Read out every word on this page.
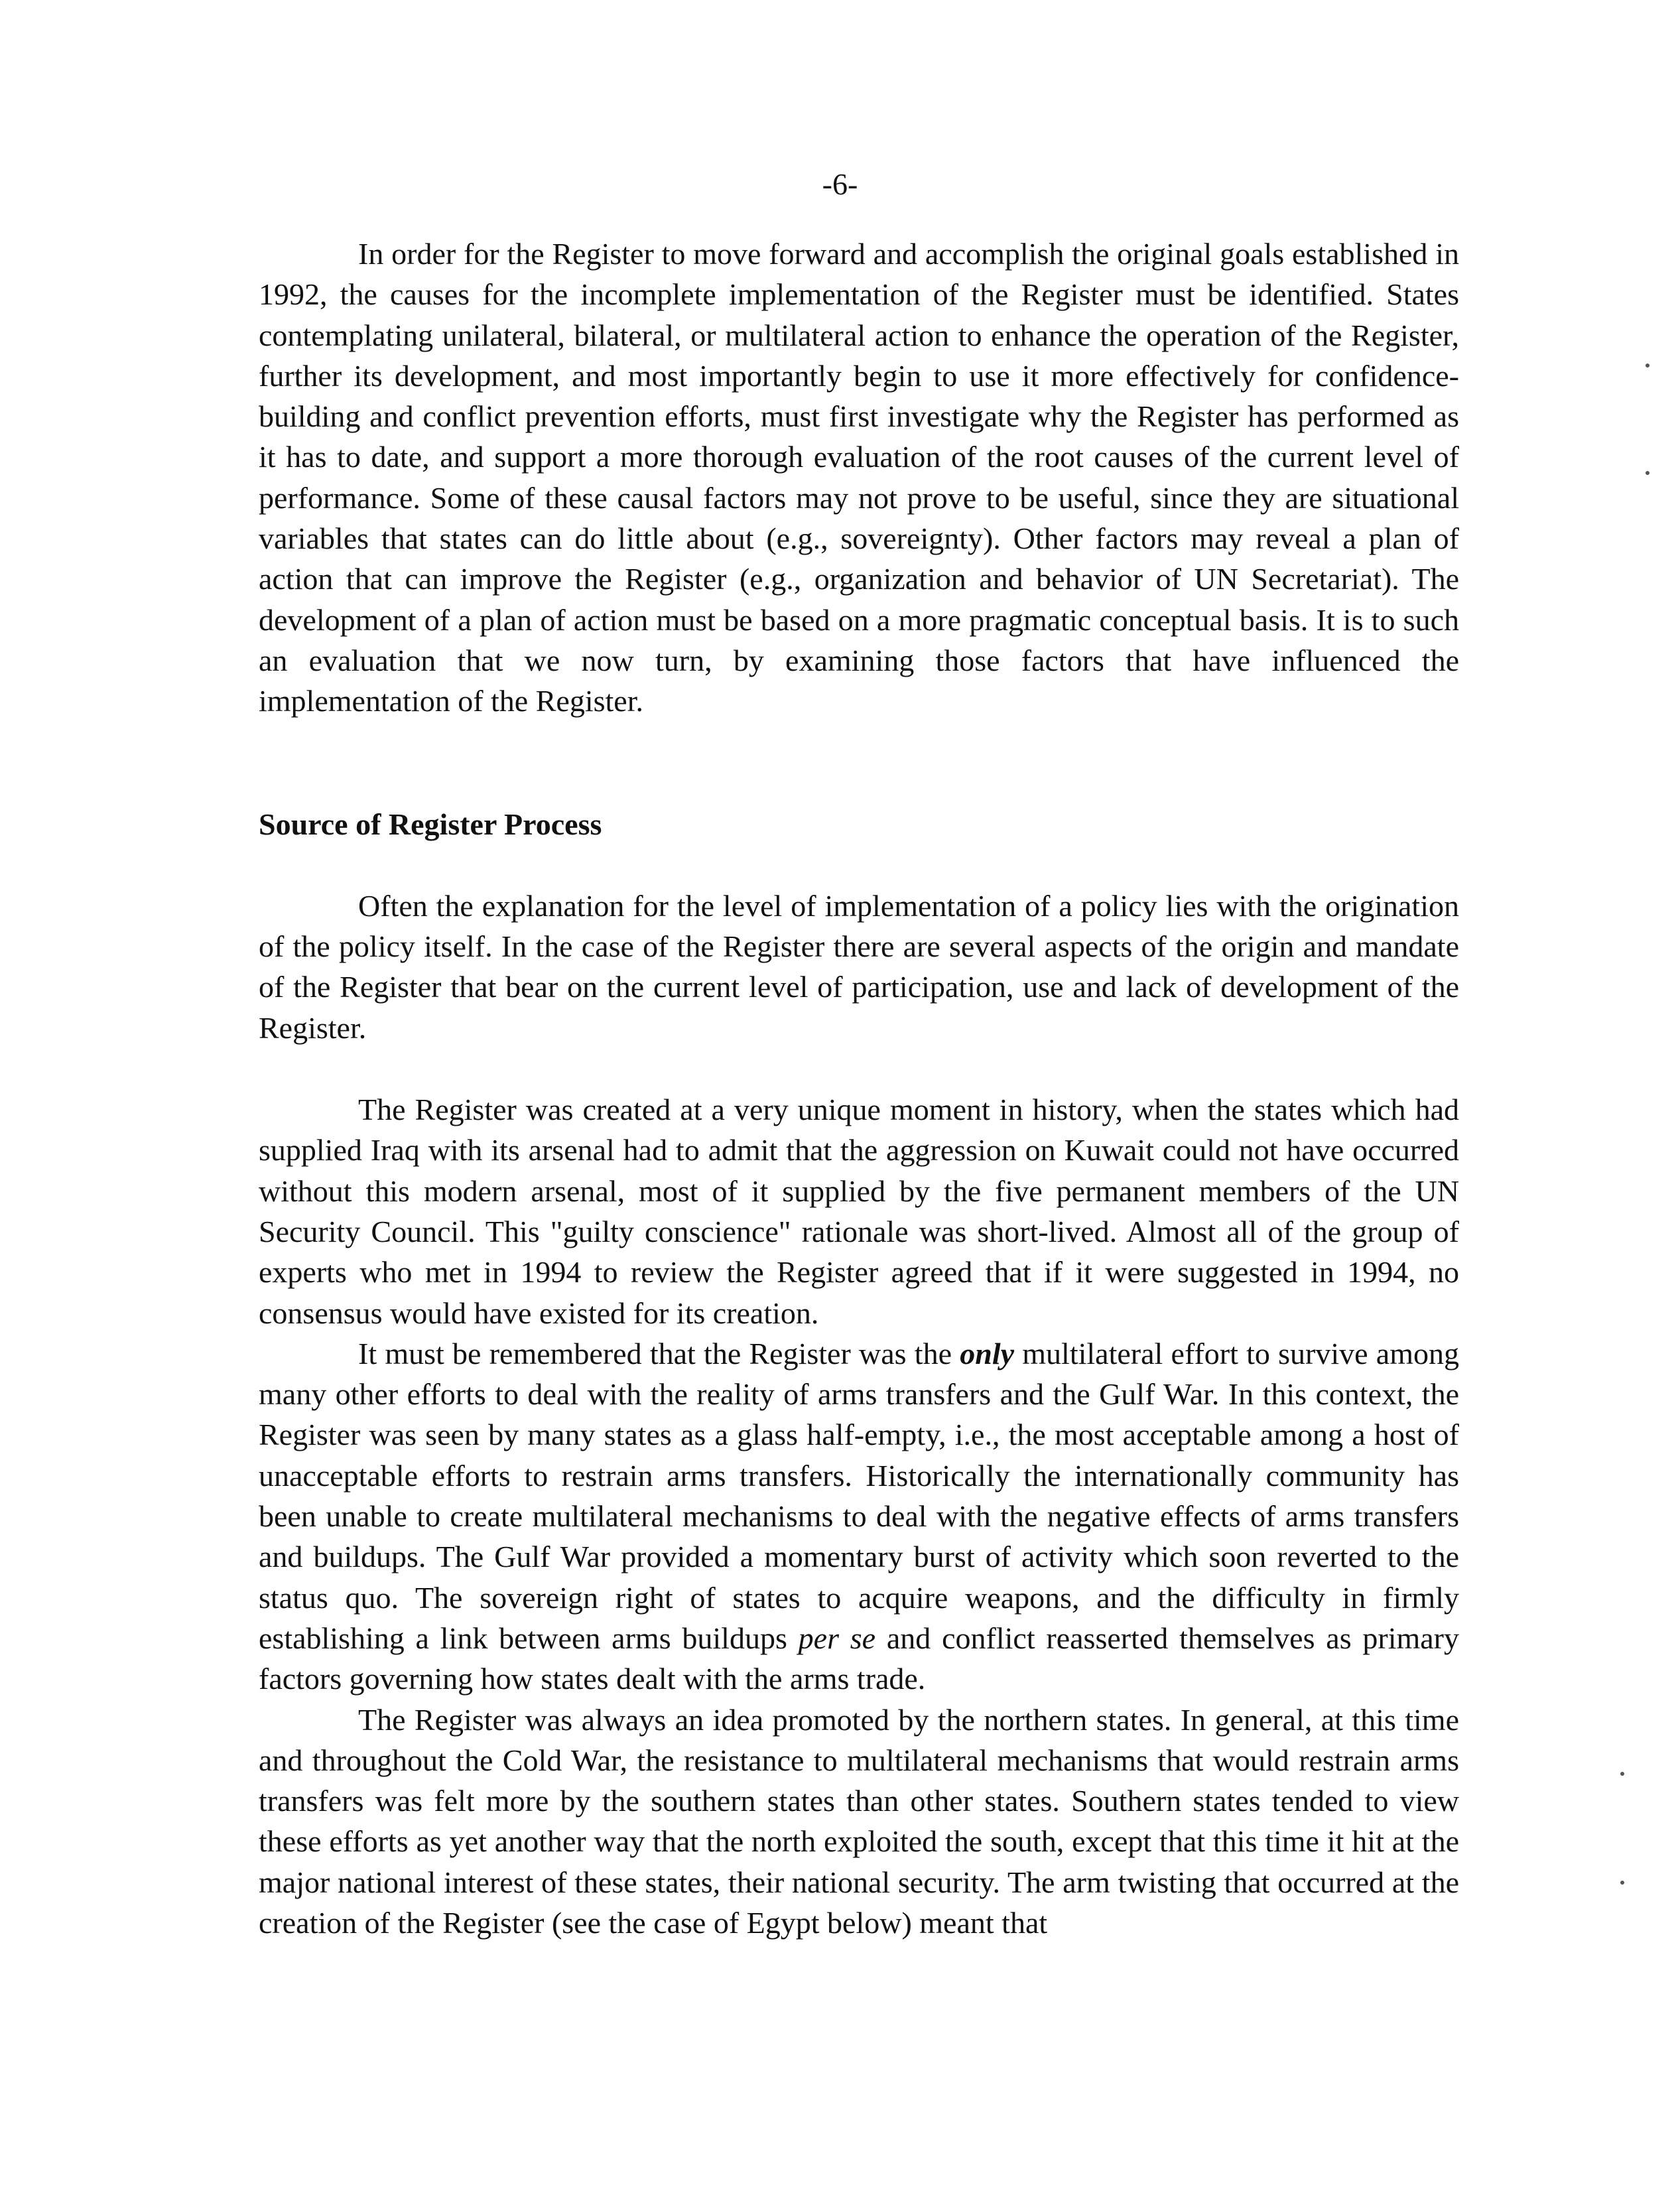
-6-

In order for the Register to move forward and accomplish the original goals established in 1992, the causes for the incomplete implementation of the Register must be identified. States contemplating unilateral, bilateral, or multilateral action to enhance the operation of the Register, further its development, and most importantly begin to use it more effectively for confidence-building and conflict prevention efforts, must first investigate why the Register has performed as it has to date, and support a more thorough evaluation of the root causes of the current level of performance. Some of these causal factors may not prove to be useful, since they are situational variables that states can do little about (e.g., sovereignty). Other factors may reveal a plan of action that can improve the Register (e.g., organization and behavior of UN Secretariat). The development of a plan of action must be based on a more pragmatic conceptual basis. It is to such an evaluation that we now turn, by examining those factors that have influenced the implementation of the Register.

Source of Register Process

Often the explanation for the level of implementation of a policy lies with the origination of the policy itself. In the case of the Register there are several aspects of the origin and mandate of the Register that bear on the current level of participation, use and lack of development of the Register.

The Register was created at a very unique moment in history, when the states which had supplied Iraq with its arsenal had to admit that the aggression on Kuwait could not have occurred without this modern arsenal, most of it supplied by the five permanent members of the UN Security Council. This "guilty conscience" rationale was short-lived. Almost all of the group of experts who met in 1994 to review the Register agreed that if it were suggested in 1994, no consensus would have existed for its creation.

It must be remembered that the Register was the only multilateral effort to survive among many other efforts to deal with the reality of arms transfers and the Gulf War. In this context, the Register was seen by many states as a glass half-empty, i.e., the most acceptable among a host of unacceptable efforts to restrain arms transfers. Historically the internationally community has been unable to create multilateral mechanisms to deal with the negative effects of arms transfers and buildups. The Gulf War provided a momentary burst of activity which soon reverted to the status quo. The sovereign right of states to acquire weapons, and the difficulty in firmly establishing a link between arms buildups per se and conflict reasserted themselves as primary factors governing how states dealt with the arms trade.

The Register was always an idea promoted by the northern states. In general, at this time and throughout the Cold War, the resistance to multilateral mechanisms that would restrain arms transfers was felt more by the southern states than other states. Southern states tended to view these efforts as yet another way that the north exploited the south, except that this time it hit at the major national interest of these states, their national security. The arm twisting that occurred at the creation of the Register (see the case of Egypt below) meant that
